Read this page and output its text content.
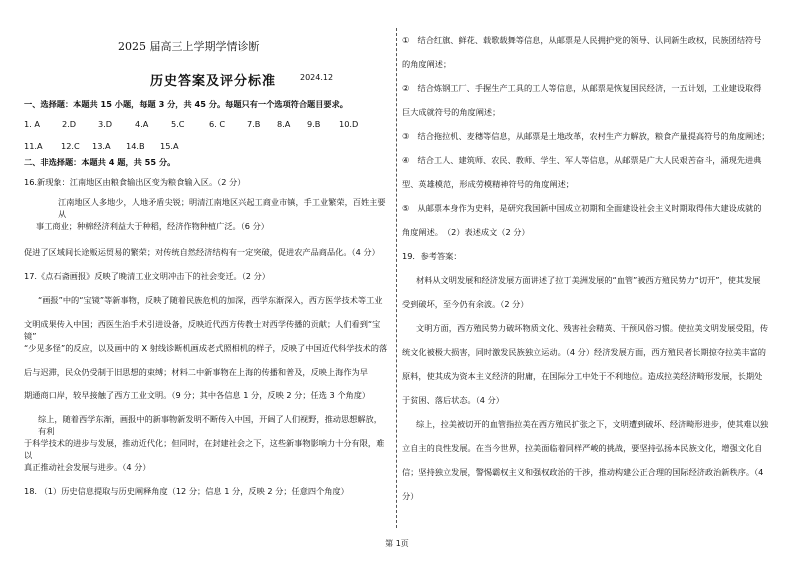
2025 届高三上学期学情诊断
历史答案及评分标准	2024.12

一、选择题：本题共 15 小题，每题 3 分，共 45 分。每题只有一个选项符合题目要求。

1. A	2.D	3.D	4.A	5.C	6. C	7.B	8.A	9.B	10.D
11.A	12.C	13.A	14.B	15.A

二、非选择题：本题共 4 题，共 55 分。

16.新现象：江南地区由粮食输出区变为粮食输入区。（2 分）

江南地区人多地少，人地矛盾尖锐；明清江南地区兴起工商业市镇，手工业繁荣，百姓主要从

事工商业；种棉经济利益大于种稻，经济作物种植广泛。（6 分）

促进了区域间长途贩运贸易的繁荣；对传统自然经济结构有一定突破，促进农产品商品化。（4 分）

17.《点石斋画报》反映了晚清工业文明冲击下的社会变迁。（2 分）

“画报”中的“宝镜”等新事物，反映了随着民族危机的加深，西学东渐深入，西方医学技术等工业

文明成果传入中国；西医生治手术引进设备，反映近代西方传教士对西学传播的贡献；人们看到“宝镜”

“少见多怪”的反应，以及画中的 X 射线诊断机画成老式照相机的样子，反映了中国近代科学技术的落

后与迟滞，民众仍受制于旧思想的束缚；材料二中新事物在上海的传播和普及，反映上海作为早

期通商口岸，较早接触了西方工业文明。（9 分；其中各信息 1 分，反映 2 分；任选 3 个角度）

综上，随着西学东渐，画报中的新事物新发明不断传入中国，开阔了人们视野，推动思想解放，有利

于科学技术的进步与发展，推动近代化；但同时，在封建社会之下，这些新事物影响力十分有限，难以

真正推动社会发展与进步。（4 分）

18. （1）历史信息提取与历史阐释角度（12 分；信息 1 分，反映 2 分；任意四个角度）

①　结合红旗、鲜花、载歌载舞等信息，从邮票是人民拥护党的领导、认同新生政权，民族团结符号

的角度阐述；

②　结合炼钢工厂、手握生产工具的工人等信息，从邮票是恢复国民经济，一五计划，工业建设取得

巨大成就符号的角度阐述；

③　结合拖拉机、麦穗等信息，从邮票是土地改革，农村生产力解放，粮食产量提高符号的角度阐述；

④　结合工人、建筑师、农民、教师、学生、军人等信息，从邮票是广大人民艰苦奋斗，涌现先进典

型、英雄模范，形成劳模精神符号的角度阐述；

⑤　从邮票本身作为史料，是研究我国新中国成立初期和全面建设社会主义时期取得伟大建设成就的

角度阐述。　（2）表述成文（2 分）

19．参考答案：

材料从文明发展和经济发展方面讲述了拉丁美洲发展的“血管”被西方殖民势力“切开”，使其发展

受到破坏，至今仍有余波。（2 分）

文明方面，西方殖民势力破坏物质文化、残害社会精英、干预风俗习惯。使拉美文明发展受阻，传

统文化被极大损害，同时激发民族独立运动。（4 分）经济发展方面，西方殖民者长期掠夺拉美丰富的

原料，使其成为资本主义经济的附庸，在国际分工中处于不利地位。造成拉美经济畸形发展，长期处

于贫困、落后状态。（4 分）

综上，拉美被切开的血管指拉美在西方殖民扩张之下，文明遭到破坏、经济畸形进步，使其难以独

立自主的良性发展。在当今世界，拉美面临着同样严峻的挑战，要坚持弘扬本民族文化，增强文化自

信；坚持独立发展，警惕霸权主义和强权政治的干涉，推动构建公正合理的国际经济政治新秩序。（4

分）

第 1页
